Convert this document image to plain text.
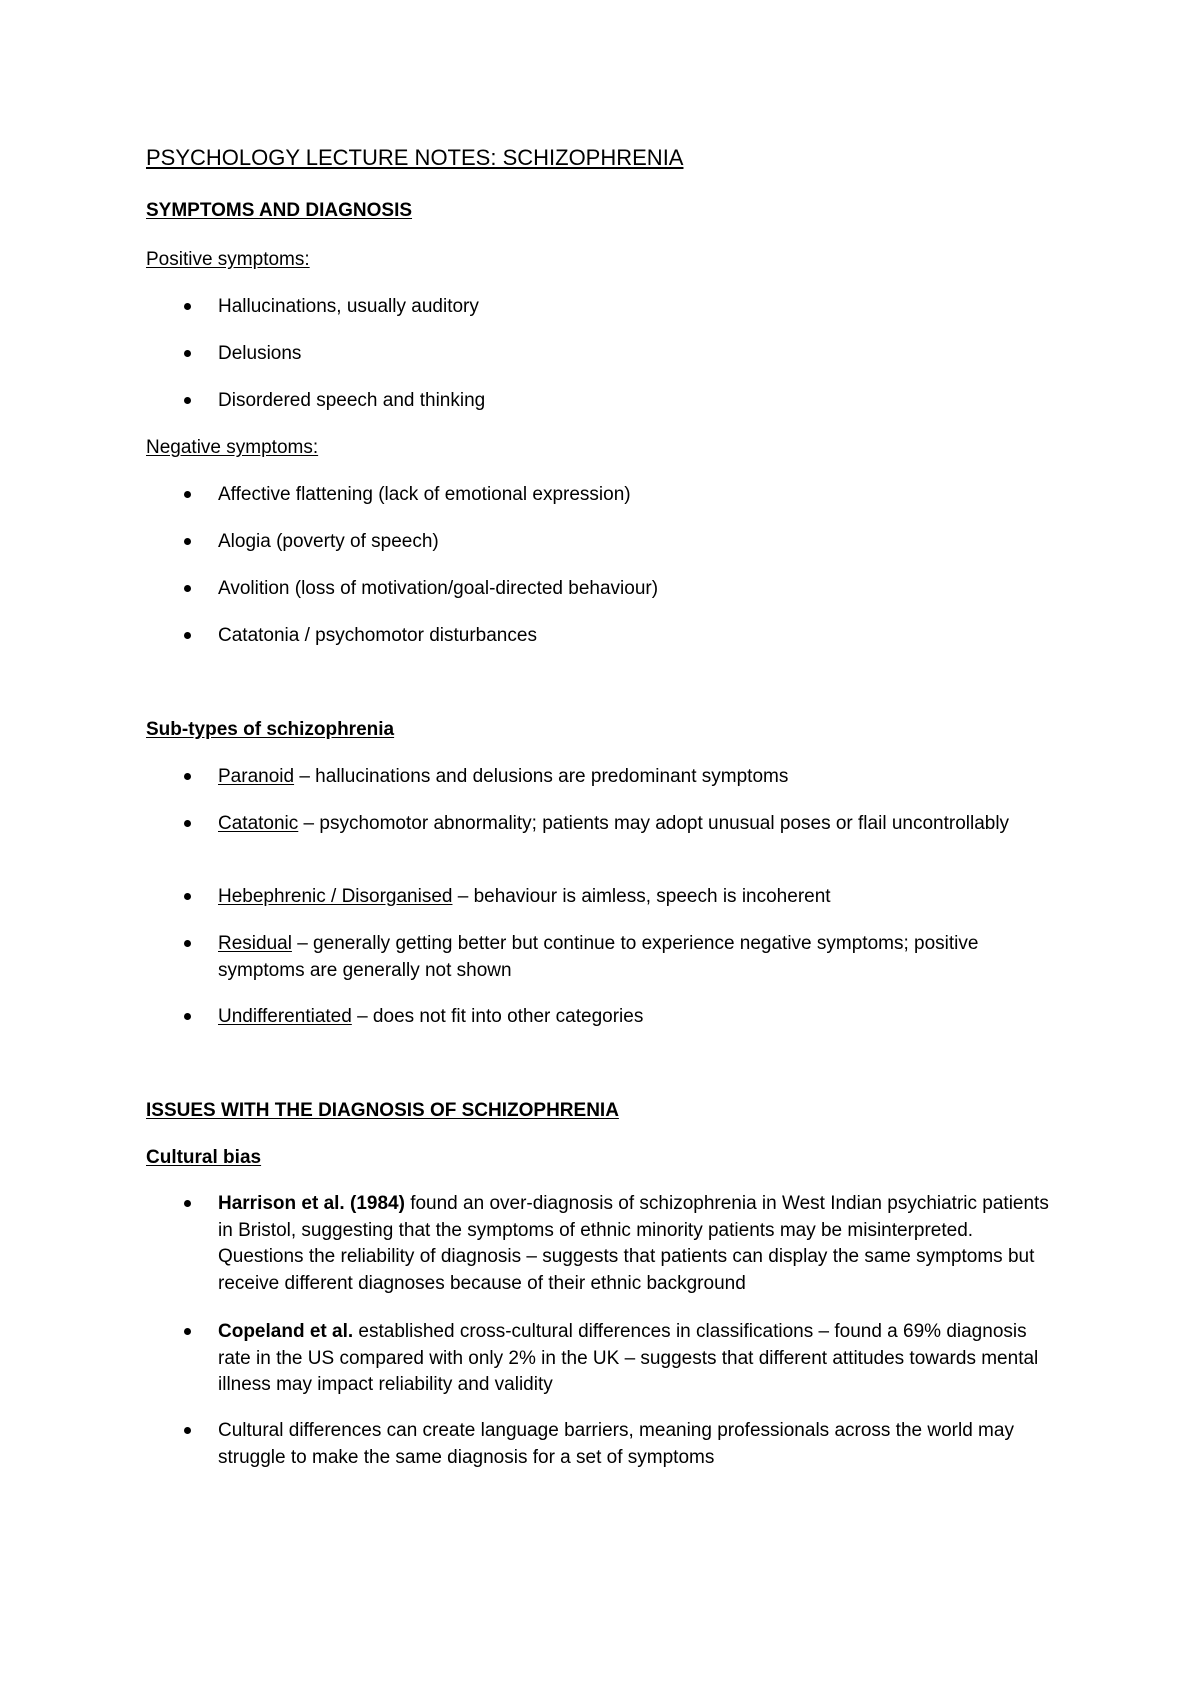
PSYCHOLOGY LECTURE NOTES: SCHIZOPHRENIA
SYMPTOMS AND DIAGNOSIS
Positive symptoms:
Hallucinations, usually auditory
Delusions
Disordered speech and thinking
Negative symptoms:
Affective flattening (lack of emotional expression)
Alogia (poverty of speech)
Avolition (loss of motivation/goal-directed behaviour)
Catatonia / psychomotor disturbances
Sub-types of schizophrenia
Paranoid – hallucinations and delusions are predominant symptoms
Catatonic – psychomotor abnormality; patients may adopt unusual poses or flail uncontrollably
Hebephrenic / Disorganised – behaviour is aimless, speech is incoherent
Residual – generally getting better but continue to experience negative symptoms; positive symptoms are generally not shown
Undifferentiated – does not fit into other categories
ISSUES WITH THE DIAGNOSIS OF SCHIZOPHRENIA
Cultural bias
Harrison et al. (1984) found an over-diagnosis of schizophrenia in West Indian psychiatric patients in Bristol, suggesting that the symptoms of ethnic minority patients may be misinterpreted. Questions the reliability of diagnosis – suggests that patients can display the same symptoms but receive different diagnoses because of their ethnic background
Copeland et al. established cross-cultural differences in classifications – found a 69% diagnosis rate in the US compared with only 2% in the UK – suggests that different attitudes towards mental illness may impact reliability and validity
Cultural differences can create language barriers, meaning professionals across the world may struggle to make the same diagnosis for a set of symptoms
